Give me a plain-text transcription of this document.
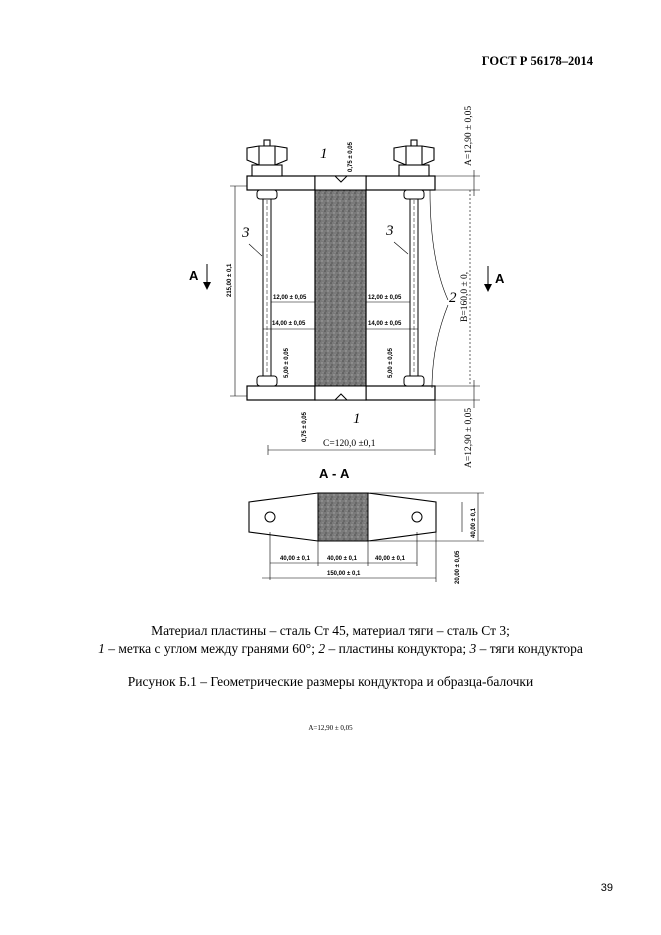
ГОСТ Р 56178–2014
1
1
3	3
2
А	А
215,00 ± 0,1
12,00 ± 0,05	12,00 ± 0,05
14,00 ± 0,05	14,00 ± 0,05
5,00 ± 0,05	5,00 ± 0,05
0,75 ± 0,05
0,75 ± 0,05
A=12,90 ± 0,05
A=12,90 ± 0,05
B=160,0 ± 0,
C=120,0 ±0,1
А - А
40,00 ± 0,1	40,00 ± 0,1	40,00 ± 0,1
150,00 ± 0,1
40,00 ± 0,1
20,00 ± 0,05
Материал пластины – сталь Ст 45, материал тяги – сталь Ст 3;
1 – метка с углом между гранями 60°; 2 – пластины кондуктора; 3 – тяги кондуктора
Рисунок Б.1 – Геометрические размеры кондуктора и образца-балочки
A=12,90 ± 0,05
39
